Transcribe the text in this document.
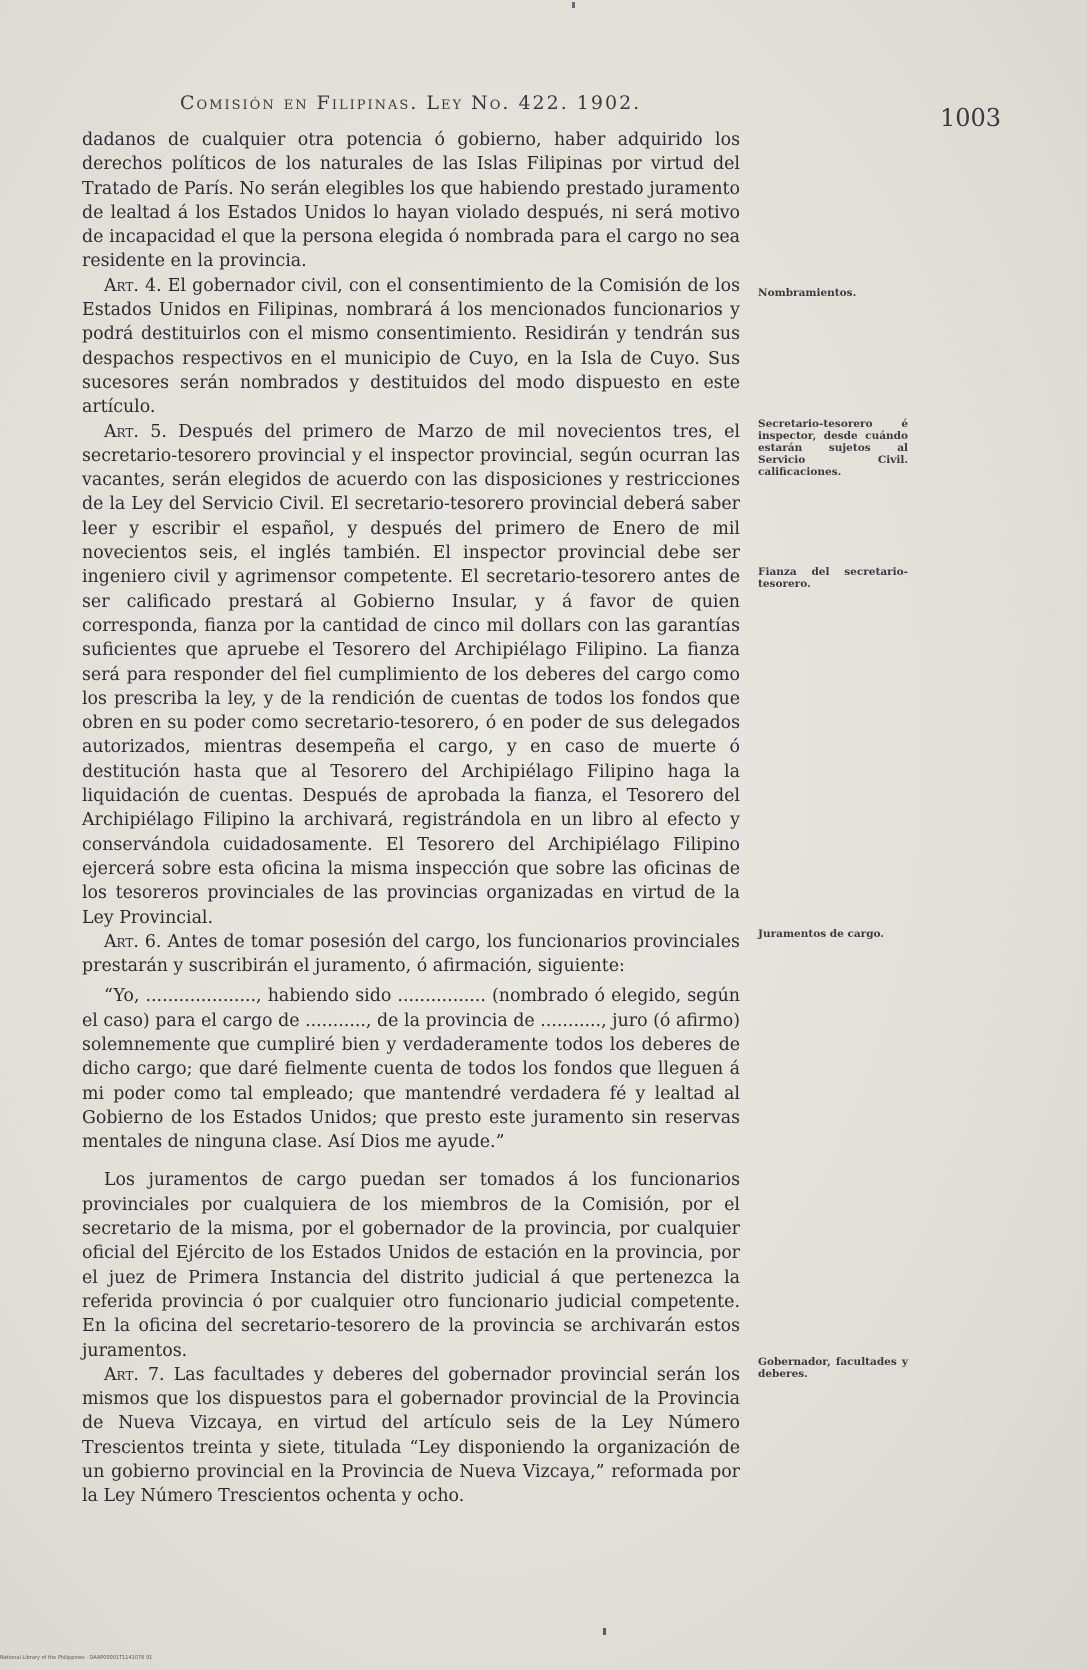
Comisión en Filipinas. Ley No. 422. 1902.
1003

dadanos de cualquier otra potencia ó gobierno, haber adquirido los derechos políticos de los naturales de las Islas Filipinas por virtud del Tratado de París. No serán elegibles los que habiendo prestado juramento de lealtad á los Estados Unidos lo hayan violado después, ni será motivo de incapacidad el que la persona elegida ó nombrada para el cargo no sea residente en la provincia.

Art. 4. El gobernador civil, con el consentimiento de la Comisión de los Estados Unidos en Filipinas, nombrará á los mencionados funcionarios y podrá destituirlos con el mismo consentimiento. Residirán y tendrán sus despachos respectivos en el municipio de Cuyo, en la Isla de Cuyo. Sus sucesores serán nombrados y destituidos del modo dispuesto en este artículo.

Art. 5. Después del primero de Marzo de mil novecientos tres, el secretario-tesorero provincial y el inspector provincial, según ocurran las vacantes, serán elegidos de acuerdo con las disposiciones y restricciones de la Ley del Servicio Civil. El secretario-tesorero provincial deberá saber leer y escribir el español, y después del primero de Enero de mil novecientos seis, el inglés también. El inspector provincial debe ser ingeniero civil y agrimensor competente. El secretario-tesorero antes de ser calificado prestará al Gobierno Insular, y á favor de quien corresponda, fianza por la cantidad de cinco mil dollars con las garantías suficientes que apruebe el Tesorero del Archipiélago Filipino. La fianza será para responder del fiel cumplimiento de los deberes del cargo como los prescriba la ley, y de la rendición de cuentas de todos los fondos que obren en su poder como secretario-tesorero, ó en poder de sus delegados autorizados, mientras desempeña el cargo, y en caso de muerte ó destitución hasta que al Tesorero del Archipiélago Filipino haga la liquidación de cuentas. Después de aprobada la fianza, el Tesorero del Archipiélago Filipino la archivará, registrándola en un libro al efecto y conservándola cuidadosamente. El Tesorero del Archipiélago Filipino ejercerá sobre esta oficina la misma inspección que sobre las oficinas de los tesoreros provinciales de las provincias organizadas en virtud de la Ley Provincial.

Art. 6. Antes de tomar posesión del cargo, los funcionarios provinciales prestarán y suscribirán el juramento, ó afirmación, siguiente:

“Yo, ...................., habiendo sido ................ (nombrado ó elegido, según el caso) para el cargo de ..........., de la provincia de ..........., juro (ó afirmo) solemnemente que cumpliré bien y verdaderamente todos los deberes de dicho cargo; que daré fielmente cuenta de todos los fondos que lleguen á mi poder como tal empleado; que mantendré verdadera fé y lealtad al Gobierno de los Estados Unidos; que presto este juramento sin reservas mentales de ninguna clase. Así Dios me ayude.”

Los juramentos de cargo puedan ser tomados á los funcionarios provinciales por cualquiera de los miembros de la Comisión, por el secretario de la misma, por el gobernador de la provincia, por cualquier oficial del Ejército de los Estados Unidos de estación en la provincia, por el juez de Primera Instancia del distrito judicial á que pertenezca la referida provincia ó por cualquier otro funcionario judicial competente. En la oficina del secretario-tesorero de la provincia se archivarán estos juramentos.

Art. 7. Las facultades y deberes del gobernador provincial serán los mismos que los dispuestos para el gobernador provincial de la Provincia de Nueva Vizcaya, en virtud del artículo seis de la Ley Número Trescientos treinta y siete, titulada “Ley disponiendo la organización de un gobierno provincial en la Provincia de Nueva Vizcaya,” reformada por la Ley Número Trescientos ochenta y ocho.

Nombramientos.
Secretario-tesorero é inspector, desde cuándo estarán sujetos al Servicio Civil. calificaciones.
Fianza del secretario-tesorero.
Juramentos de cargo.
Gobernador, facultades y deberes.
National Library of the Philippines · DAAP00001T1141076 91
